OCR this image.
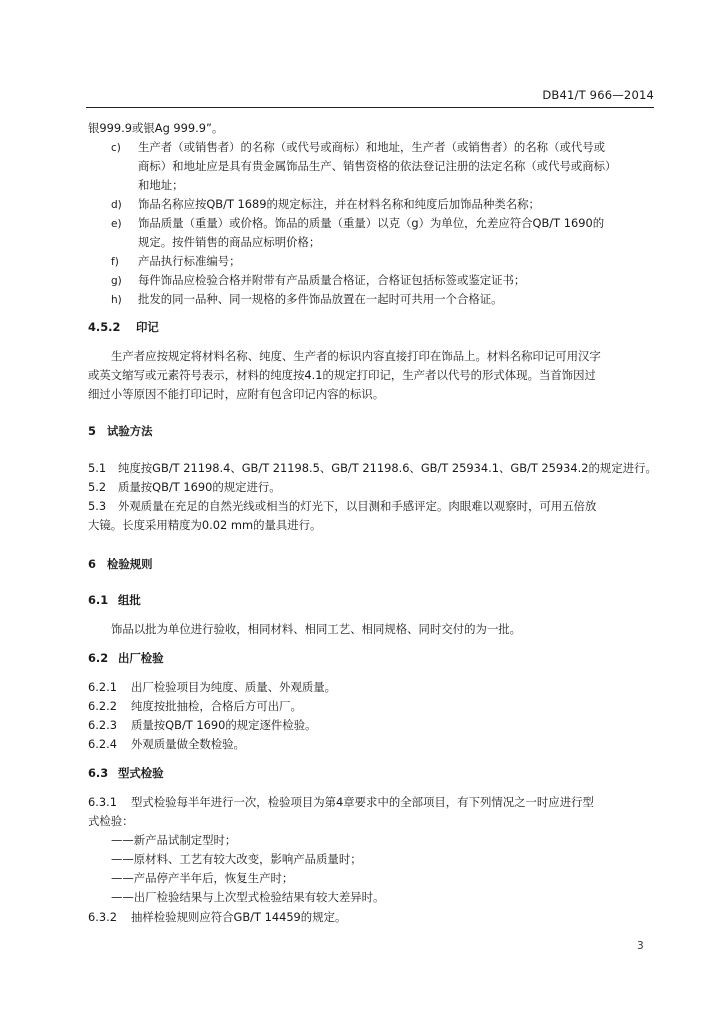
DB41/T 966—2014
银999.9或银Ag 999.9”。
c) 生产者（或销售者）的名称（或代号或商标）和地址，生产者（或销售者）的名称（或代号或
商标）和地址应是具有贵金属饰品生产、销售资格的依法登记注册的法定名称（或代号或商标）
和地址；
d) 饰品名称应按QB/T 1689的规定标注，并在材料名称和纯度后加饰品种类名称；
e) 饰品质量（重量）或价格。饰品的质量（重量）以克（g）为单位，允差应符合QB/T 1690的
规定。按件销售的商品应标明价格；
f) 产品执行标准编号；
g) 每件饰品应检验合格并附带有产品质量合格证，合格证包括标签或鉴定证书；
h) 批发的同一品种、同一规格的多件饰品放置在一起时可共用一个合格证。
4.5.2 印记
生产者应按规定将材料名称、纯度、生产者的标识内容直接打印在饰品上。材料名称印记可用汉字
或英文缩写或元素符号表示，材料的纯度按4.1的规定打印记，生产者以代号的形式体现。当首饰因过
细过小等原因不能打印记时，应附有包含印记内容的标识。
5 试验方法
5.1 纯度按GB/T 21198.4、GB/T 21198.5、GB/T 21198.6、GB/T 25934.1、GB/T 25934.2的规定进行。
5.2 质量按QB/T 1690的规定进行。
5.3 外观质量在充足的自然光线或相当的灯光下，以目测和手感评定。肉眼难以观察时，可用五倍放
大镜。长度采用精度为0.02 mm的量具进行。
6 检验规则
6.1 组批
饰品以批为单位进行验收，相同材料、相同工艺、相同规格、同时交付的为一批。
6.2 出厂检验
6.2.1 出厂检验项目为纯度、质量、外观质量。
6.2.2 纯度按批抽检，合格后方可出厂。
6.2.3 质量按QB/T 1690的规定逐件检验。
6.2.4 外观质量做全数检验。
6.3 型式检验
6.3.1 型式检验每半年进行一次，检验项目为第4章要求中的全部项目，有下列情况之一时应进行型
式检验：
——新产品试制定型时；
——原材料、工艺有较大改变，影响产品质量时；
——产品停产半年后，恢复生产时；
——出厂检验结果与上次型式检验结果有较大差异时。
6.3.2 抽样检验规则应符合GB/T 14459的规定。
3
